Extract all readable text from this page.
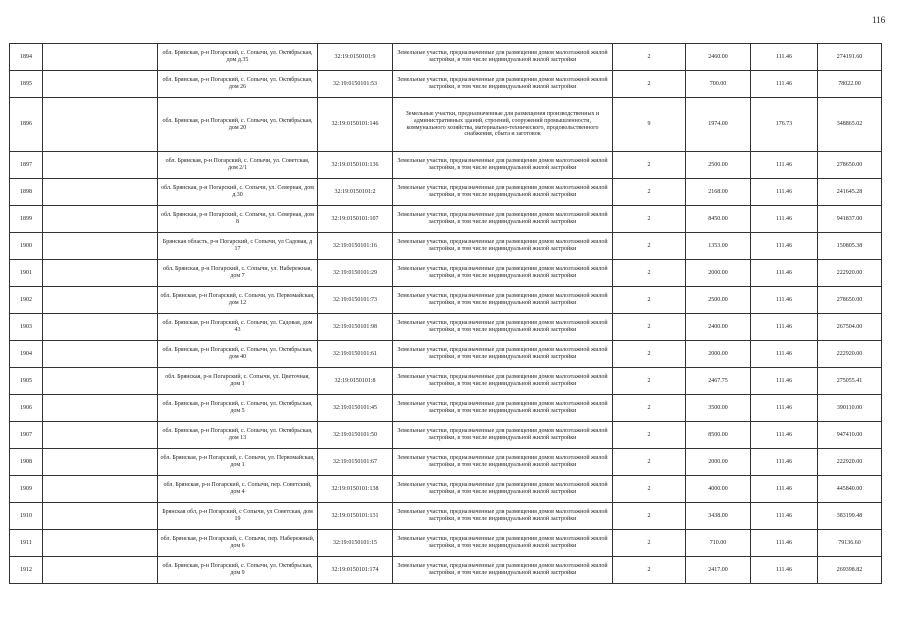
116
1894		обл. Брянская, р-н Погарский, с. Сопычи, ул. Октябрьская, дом д.35	32:19:0150101:9	Земельные участки, предназначенные для размещения домов малоэтажной жилой застройки, в том числе индивидуальной жилой застройки	2	2460.00	111.46	274191.60
1895		обл. Брянская, р-н Погарский, с. Сопычи, ул. Октябрьская, дом 26	32:19:0150101:53	Земельные участки, предназначенные для размещения домов малоэтажной жилой застройки, в том числе индивидуальной жилой застройки	2	700.00	111.46	78022.00
1896		обл. Брянская, р-н Погарский, с. Сопычи, ул. Октябрьская, дом 20	32:19:0150101:146	Земельные участки, предназначенные для размещения производственных и административных зданий, строений, сооружений промышленности, коммунального хозяйства, материально-технического, продовольственного снабжения, сбыта и заготовок	9	1974.00	176.73	348865.02
1897		обл. Брянская, р-н Погарский, с. Сопычи, ул. Советская, дом 2/1	32:19:0150101:136	Земельные участки, предназначенные для размещения домов малоэтажной жилой застройки, в том числе индивидуальной жилой застройки	2	2500.00	111.46	278650.00
1898		обл. Брянская, р-н Погарский, с. Сопычи, ул. Северная, дом д.30	32:19:0150101:2	Земельные участки, предназначенные для размещения домов малоэтажной жилой застройки, в том числе индивидуальной жилой застройки	2	2168.00	111.46	241645.28
1899		обл. Брянская, р-н Погарский, с. Сопычи, ул. Северная, дом 8	32:19:0150101:107	Земельные участки, предназначенные для размещения домов малоэтажной жилой застройки, в том числе индивидуальной жилой застройки	2	8450.00	111.46	941837.00
1900		Брянская область, р-н Погарский, с Сопычи, ул Садовая, д 17	32:19:0150101:16	Земельные участки, предназначенные для размещения домов малоэтажной жилой застройки, в том числе индивидуальной жилой застройки	2	1353.00	111.46	150805.38
1901		обл. Брянская, р-н Погарский, с. Сопычи, ул. Набережная, дом 7	32:19:0150101:29	Земельные участки, предназначенные для размещения домов малоэтажной жилой застройки, в том числе индивидуальной жилой застройки	2	2000.00	111.46	222920.00
1902		обл. Брянская, р-н Погарский, с. Сопычи, ул. Первомайская, дом 12	32:19:0150101:73	Земельные участки, предназначенные для размещения домов малоэтажной жилой застройки, в том числе индивидуальной жилой застройки	2	2500.00	111.46	278650.00
1903		обл. Брянская, р-н Погарский, с. Сопычи, ул. Садовая, дом 43	32:19:0150101:98	Земельные участки, предназначенные для размещения домов малоэтажной жилой застройки, в том числе индивидуальной жилой застройки	2	2400.00	111.46	267504.00
1904		обл. Брянская, р-н Погарский, с. Сопычи, ул. Октябрьская, дом 40	32:19:0150101:61	Земельные участки, предназначенные для размещения домов малоэтажной жилой застройки, в том числе индивидуальной жилой застройки	2	2000.00	111.46	222920.00
1905		обл. Брянская, р-н Погарский, с. Сопычи, ул. Цветочная, дом 1	32:19:0150101:8	Земельные участки, предназначенные для размещения домов малоэтажной жилой застройки, в том числе индивидуальной жилой застройки	2	2467.75	111.46	275055.41
1906		обл. Брянская, р-н Погарский, с. Сопычи, ул. Октябрьская, дом 5	32:19:0150101:45	Земельные участки, предназначенные для размещения домов малоэтажной жилой застройки, в том числе индивидуальной жилой застройки	2	3500.00	111.46	390110.00
1907		обл. Брянская, р-н Погарский, с. Сопычи, ул. Октябрьская, дом 13	32:19:0150101:50	Земельные участки, предназначенные для размещения домов малоэтажной жилой застройки, в том числе индивидуальной жилой застройки	2	8500.00	111.46	947410.00
1908		обл. Брянская, р-н Погарский, с. Сопычи, ул. Первомайская, дом 1	32:19:0150101:67	Земельные участки, предназначенные для размещения домов малоэтажной жилой застройки, в том числе индивидуальной жилой застройки	2	2000.00	111.46	222920.00
1909		обл. Брянская, р-н Погарский, с. Сопычи, пер. Советский, дом 4	32:19:0150101:138	Земельные участки, предназначенные для размещения домов малоэтажной жилой застройки, в том числе индивидуальной жилой застройки	2	4000.00	111.46	445840.00
1910		Брянская обл, р-н Погарский, с Сопычи, ул Советская, дом 19	32:19:0150101:131	Земельные участки, предназначенные для размещения домов малоэтажной жилой застройки, в том числе индивидуальной жилой застройки	2	3438.00	111.46	383199.48
1911		обл. Брянская, р-н Погарский, с. Сопычи, пер. Набережный, дом 6	32:19:0150101:15	Земельные участки, предназначенные для размещения домов малоэтажной жилой застройки, в том числе индивидуальной жилой застройки	2	710.00	111.46	79136.60
1912		обл. Брянская, р-н Погарский, с. Сопычи, ул. Октябрьская, дом 9	32:19:0150101:174	Земельные участки, предназначенные для размещения домов малоэтажной жилой застройки, в том числе индивидуальной жилой застройки	2	2417.00	111.46	269398.82
